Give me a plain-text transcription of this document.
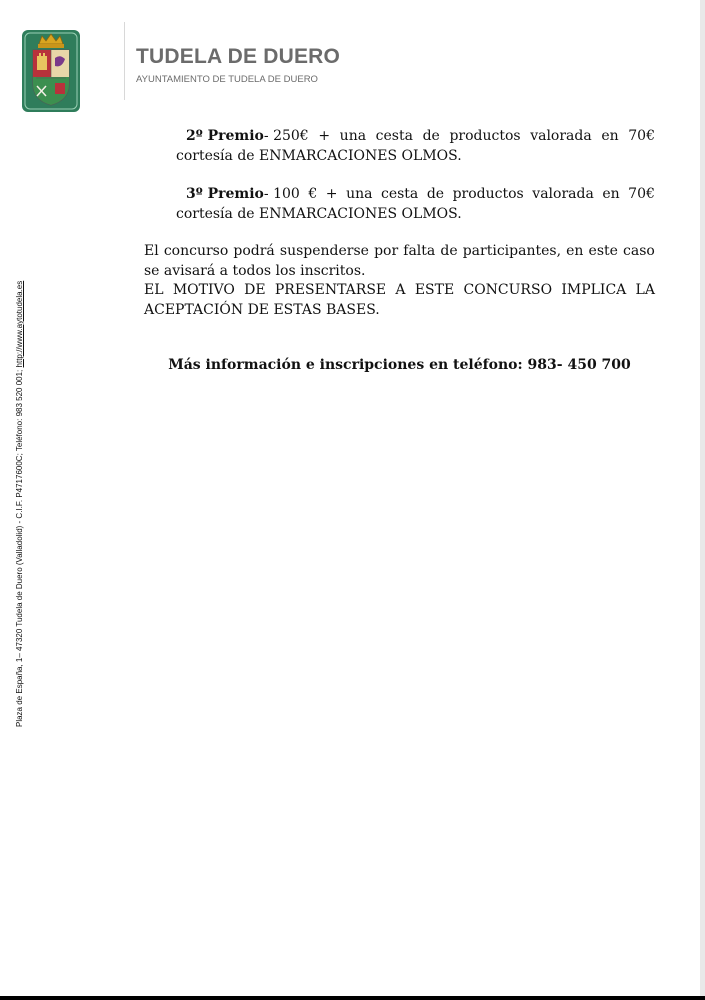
TUDELA DE DUERO
AYUNTAMIENTO DE TUDELA DE DUERO
Plaza de España, 1– 47320 Tudela de Duero (Valladolid) - C.I.F. P4717600C; Teléfono: 983 520 001; http://www.aytotudela.es
2º Premio- 250€ + una cesta de productos valorada en 70€
cortesía de ENMARCACIONES OLMOS.
3º Premio- 100 € + una cesta de productos valorada en 70€
cortesía de ENMARCACIONES OLMOS.
El concurso podrá suspenderse por falta de participantes, en este caso
se avisará a todos los inscritos.
EL MOTIVO DE PRESENTARSE A ESTE CONCURSO IMPLICA LA
ACEPTACIÓN DE ESTAS BASES.
Más información e inscripciones en teléfono: 983- 450 700
